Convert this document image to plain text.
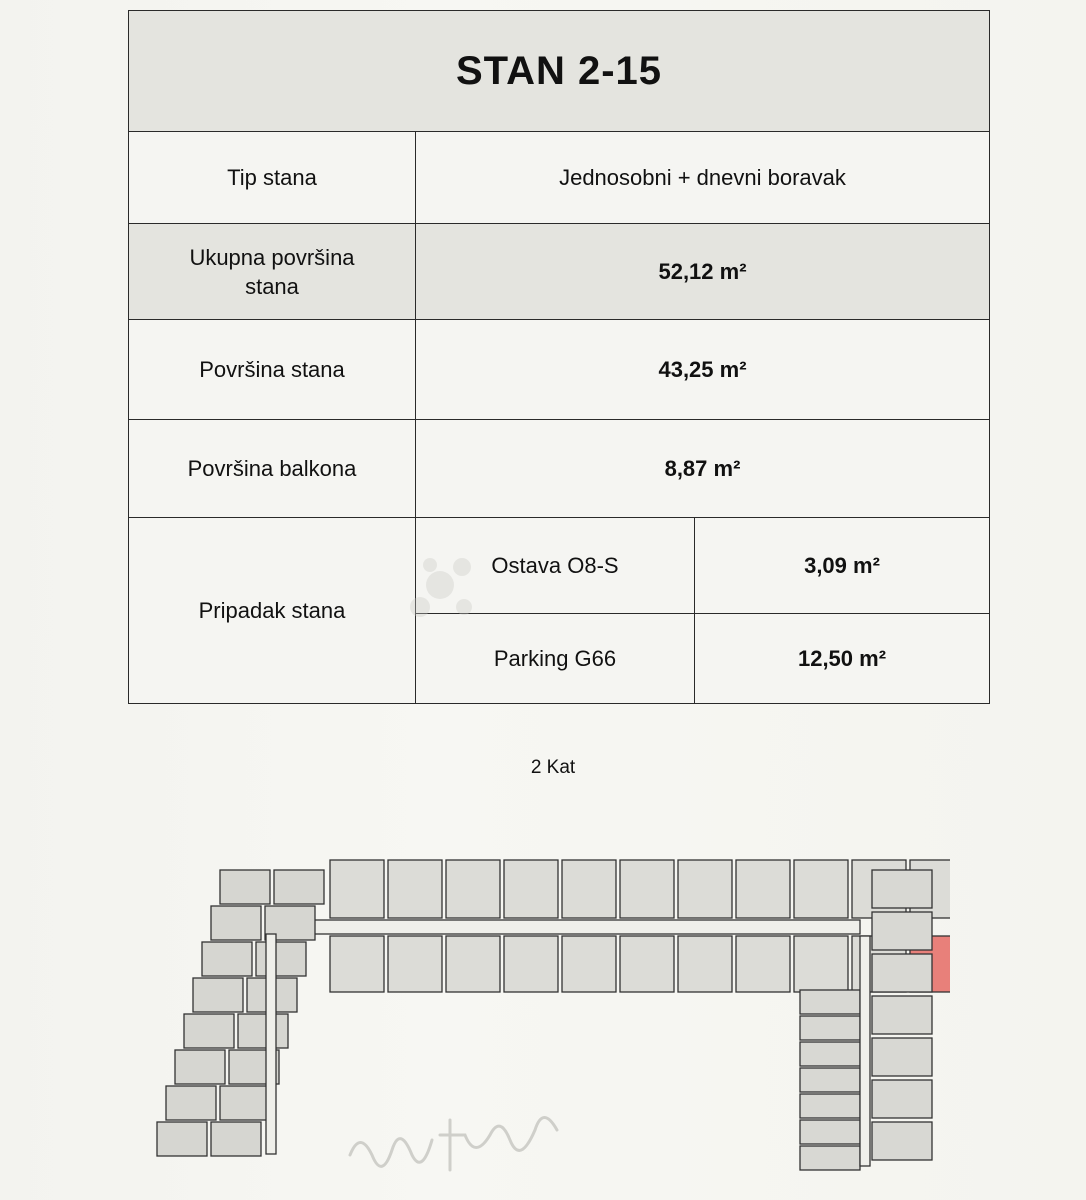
STAN 2-15		
Tip stana	Jednosobni + dnevni boravak	
Ukupna površina stana	52,12 m²	
Površina stana	43,25 m²	
Površina balkona	8,87 m²	
Pripadak stana	Ostava O8-S	3,09 m²
	Parking G66	12,50 m²
2 Kat
